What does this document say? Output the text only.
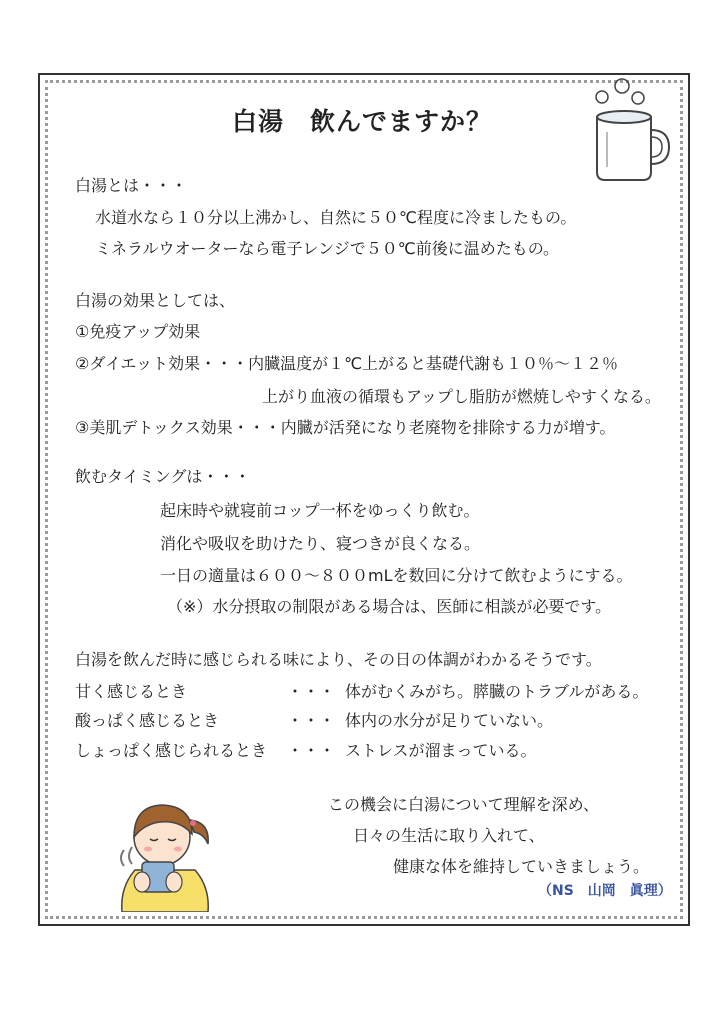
白湯　飲んでますか？
白湯とは・・・
水道水なら１０分以上沸かし、自然に５０℃程度に冷ましたもの。
ミネラルウオーターなら電子レンジで５０℃前後に温めたもの。
白湯の効果としては、
①免疫アップ効果
②ダイエット効果・・・内臓温度が１℃上がると基礎代謝も１０％～１２％
上がり血液の循環もアップし脂肪が燃焼しやすくなる。
③美肌デトックス効果・・・内臓が活発になり老廃物を排除する力が増す。
飲むタイミングは・・・
起床時や就寝前コップ一杯をゆっくり飲む。
消化や吸収を助けたり、寝つきが良くなる。
一日の適量は６００～８００mLを数回に分けて飲むようにする。
（※）水分摂取の制限がある場合は、医師に相談が必要です。
白湯を飲んだ時に感じられる味により、その日の体調がわかるそうです。
甘く感じるとき	・・・ 体がむくみがち。膵臓のトラブルがある。
酸っぱく感じるとき	・・・ 体内の水分が足りていない。
しょっぱく感じられるとき ・・・ ストレスが溜まっている。
この機会に白湯について理解を深め、
日々の生活に取り入れて、
健康な体を維持していきましょう。
（NS　山岡　眞理）
